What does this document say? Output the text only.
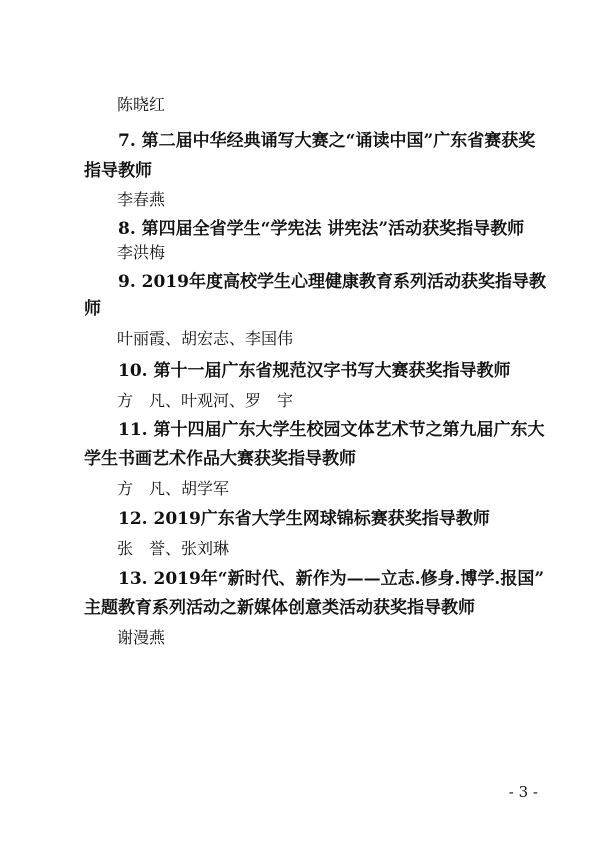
陈晓红
7. 第二届中华经典诵写大赛之“诵读中国”广东省赛获奖
指导教师
李春燕
8. 第四届全省学生“学宪法 讲宪法”活动获奖指导教师
李洪梅
9. 2019年度高校学生心理健康教育系列活动获奖指导教
师
叶丽霞、胡宏志、李国伟
10. 第十一届广东省规范汉字书写大赛获奖指导教师
方　凡、叶观河、罗　宇
11. 第十四届广东大学生校园文体艺术节之第九届广东大
学生书画艺术作品大赛获奖指导教师
方　凡、胡学军
12. 2019广东省大学生网球锦标赛获奖指导教师
张　誉、张刘琳
13. 2019年“新时代、新作为——立志.修身.博学.报国”
主题教育系列活动之新媒体创意类活动获奖指导教师
谢漫燕
- 3 -
